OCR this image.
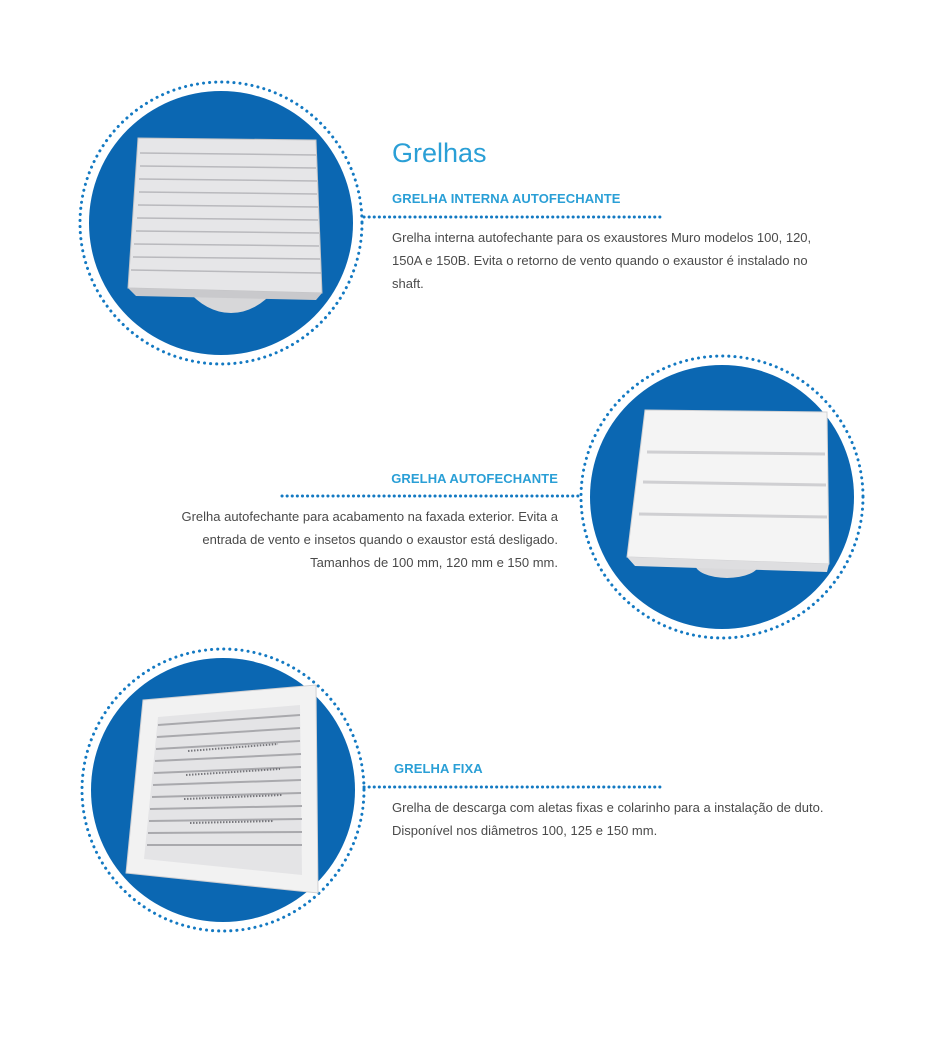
Grelhas
GRELHA INTERNA AUTOFECHANTE

Grelha interna autofechante para os exaustores Muro modelos 100, 120, 150A e 150B. Evita o retorno de vento quando o exaustor é instalado no shaft.

GRELHA AUTOFECHANTE

Grelha autofechante para acabamento na faxada exterior. Evita a entrada de vento e insetos quando o exaustor está desligado. Tamanhos de 100 mm, 120 mm e 150 mm.

GRELHA FIXA

Grelha de descarga com aletas fixas e colarinho para a instalação de duto. Disponível nos diâmetros 100, 125 e 150 mm.
